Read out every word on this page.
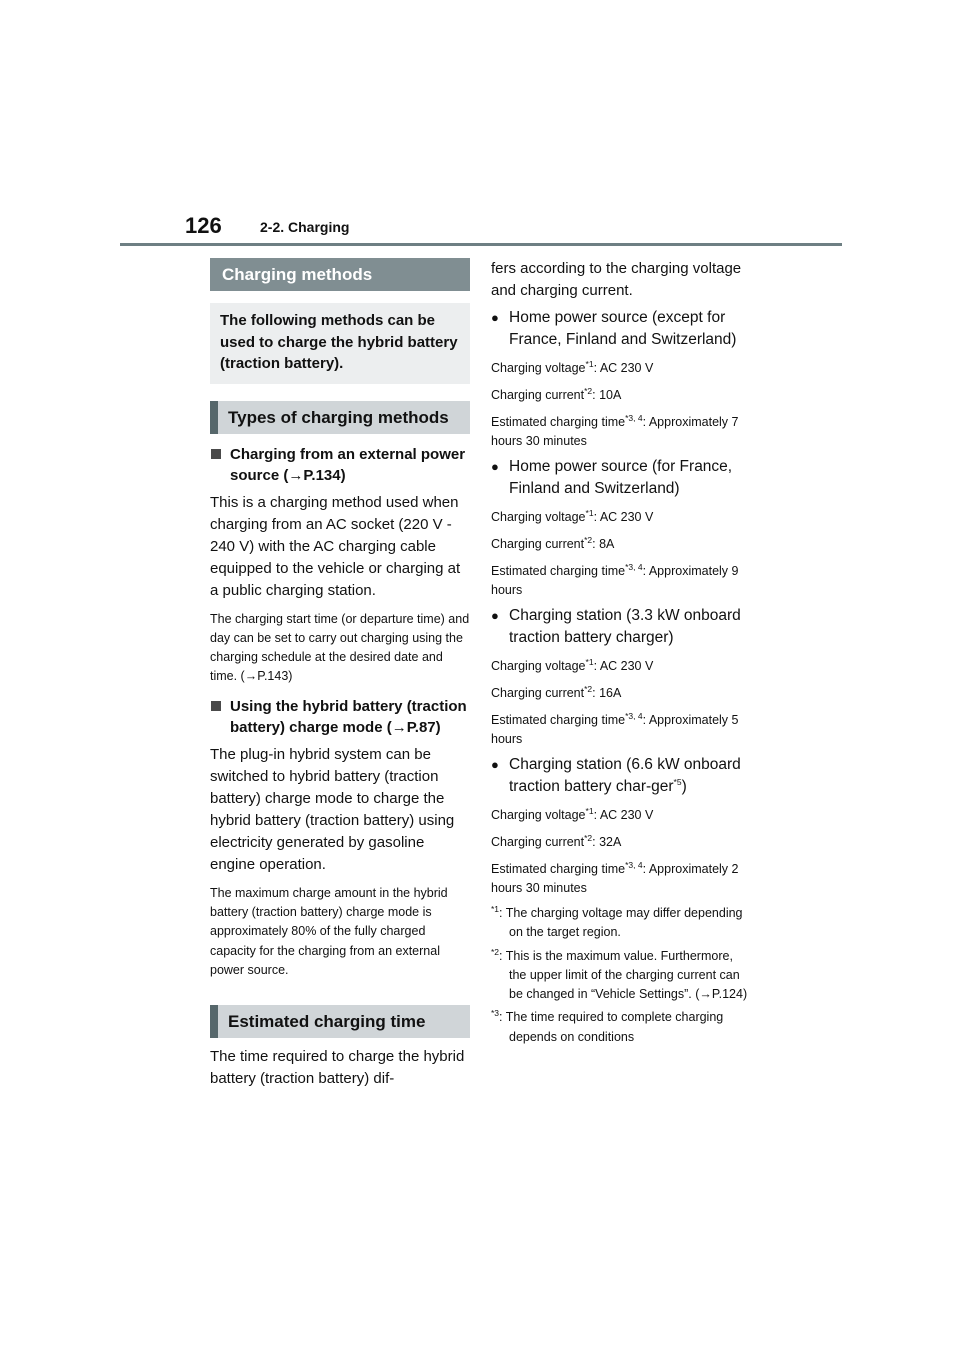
126	2-2. Charging
Charging methods
The following methods can be used to charge the hybrid battery (traction battery).
Types of charging methods
Charging from an external power source (→P.134)
This is a charging method used when charging from an AC socket (220 V - 240 V) with the AC charging cable equipped to the vehicle or charging at a public charging station.
The charging start time (or departure time) and day can be set to carry out charging using the charging schedule at the desired date and time. (→P.143)
Using the hybrid battery (traction battery) charge mode (→P.87)
The plug-in hybrid system can be switched to hybrid battery (traction battery) charge mode to charge the hybrid battery (traction battery) using electricity generated by gasoline engine operation.
The maximum charge amount in the hybrid battery (traction battery) charge mode is approximately 80% of the fully charged capacity for the charging from an external power source.
Estimated charging time
The time required to charge the hybrid battery (traction battery) dif-
fers according to the charging voltage and charging current.
● Home power source (except for France, Finland and Switzerland)
Charging voltage$^{*1}$: AC 230 V
Charging current$^{*2}$: 10A
Estimated charging time$^{*3, 4}$: Approximately 7 hours 30 minutes
● Home power source (for France, Finland and Switzerland)
Charging voltage$^{*1}$: AC 230 V
Charging current$^{*2}$: 8A
Estimated charging time$^{*3, 4}$: Approximately 9 hours
● Charging station (3.3 kW onboard traction battery charger)
Charging voltage$^{*1}$: AC 230 V
Charging current$^{*2}$: 16A
Estimated charging time$^{*3, 4}$: Approximately 5 hours
● Charging station (6.6 kW onboard traction battery char-ger$^{*5}$)
Charging voltage$^{*1}$: AC 230 V
Charging current$^{*2}$: 32A
Estimated charging time$^{*3, 4}$: Approximately 2 hours 30 minutes
$^{*1}$: The charging voltage may differ depending on the target region.
$^{*2}$: This is the maximum value. Furthermore, the upper limit of the charging current can be changed in “Vehicle Settings”. (→P.124)
$^{*3}$: The time required to complete charging depends on conditions
